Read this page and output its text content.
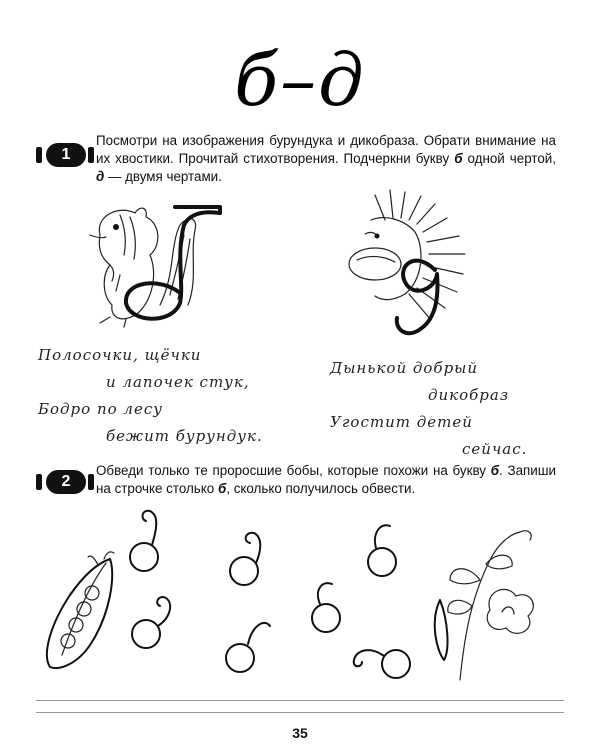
б–д
1
Посмотри на изображения бурундука и дикобраза. Обрати внимание на их хвостики. Прочитай стихотворения. Подчеркни букву б одной чертой, д — двумя чертами.
Полосочки, щёчки
и лапочек стук,
Бодро по лесу
бежит бурундук.
Дынькой добрый
дикобраз
Угостит детей
сейчас.
2
Обведи только те проросшие бобы, которые похожи на букву б. Запиши на строчке столько б, сколько получилось обвести.
35
